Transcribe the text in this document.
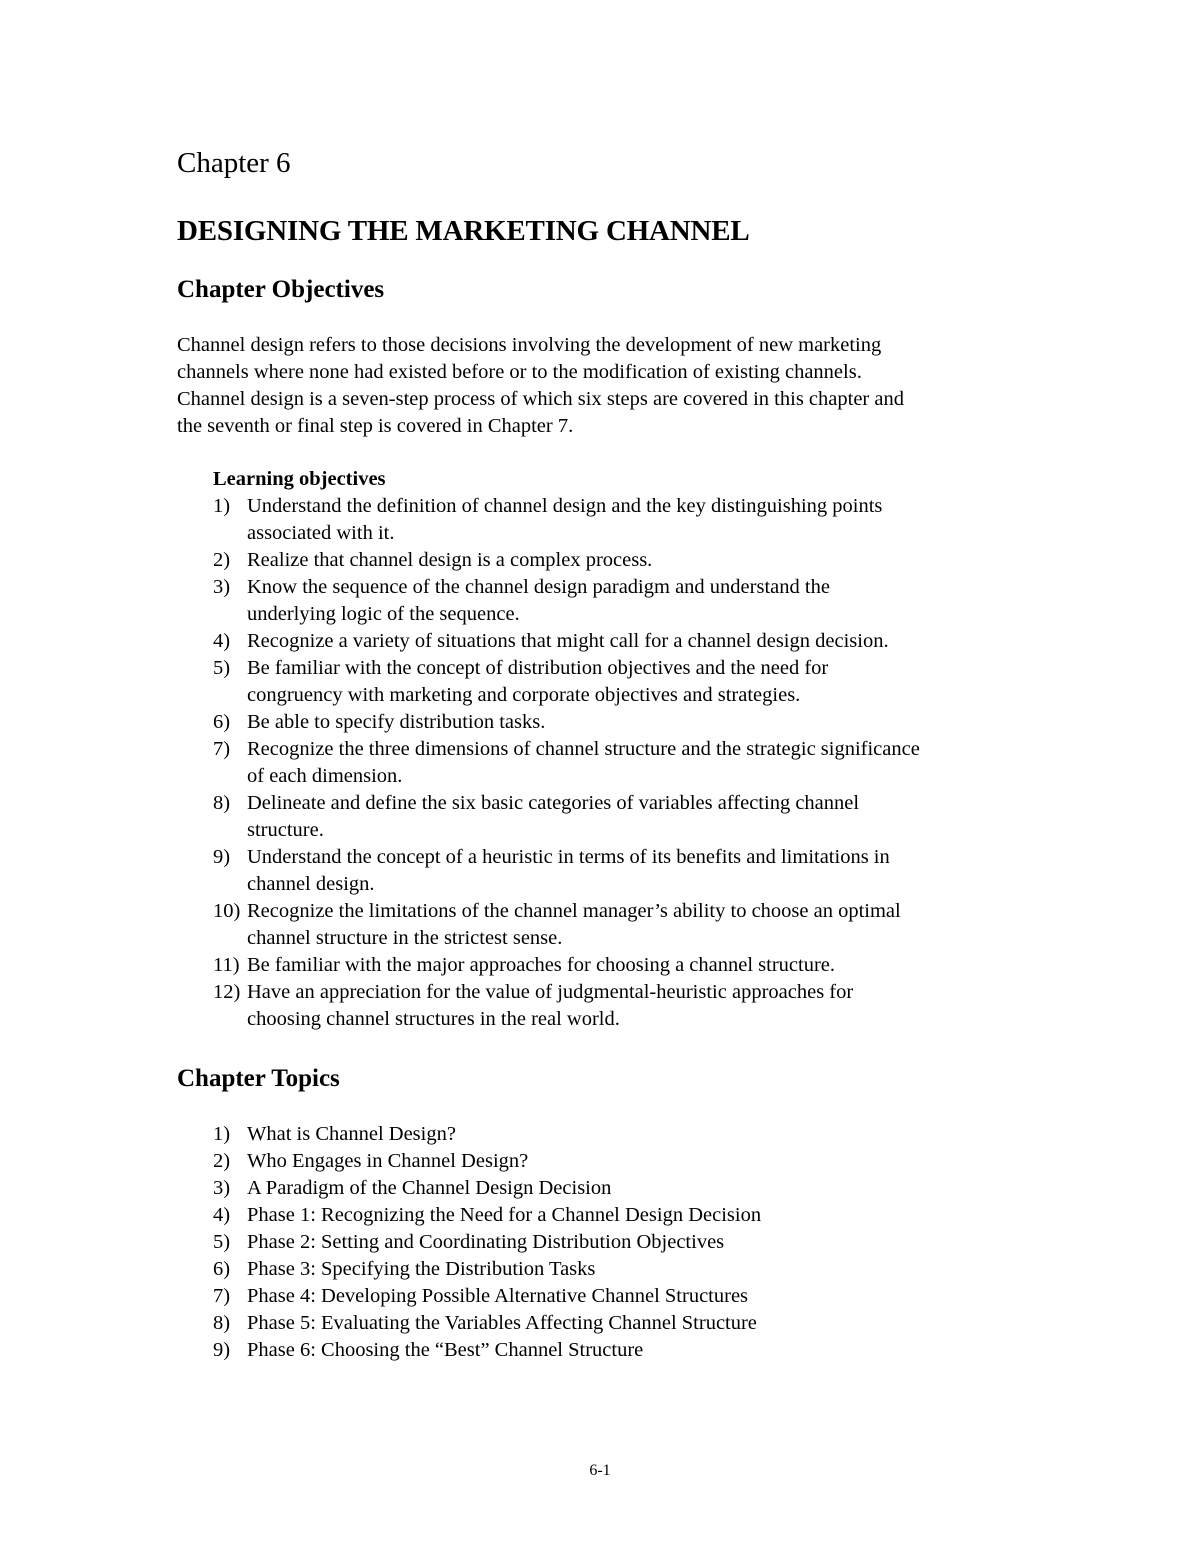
Chapter 6
DESIGNING THE MARKETING CHANNEL
Chapter Objectives
Channel design refers to those decisions involving the development of new marketing
channels where none had existed before or to the modification of existing channels.
Channel design is a seven-step process of which six steps are covered in this chapter and
the seventh or final step is covered in Chapter 7.
Learning objectives
1) Understand the definition of channel design and the key distinguishing points
associated with it.
2) Realize that channel design is a complex process.
3) Know the sequence of the channel design paradigm and understand the
underlying logic of the sequence.
4) Recognize a variety of situations that might call for a channel design decision.
5) Be familiar with the concept of distribution objectives and the need for
congruency with marketing and corporate objectives and strategies.
6) Be able to specify distribution tasks.
7) Recognize the three dimensions of channel structure and the strategic significance
of each dimension.
8) Delineate and define the six basic categories of variables affecting channel
structure.
9) Understand the concept of a heuristic in terms of its benefits and limitations in
channel design.
10) Recognize the limitations of the channel manager’s ability to choose an optimal
channel structure in the strictest sense.
11) Be familiar with the major approaches for choosing a channel structure.
12) Have an appreciation for the value of judgmental-heuristic approaches for
choosing channel structures in the real world.
Chapter Topics
1) What is Channel Design?
2) Who Engages in Channel Design?
3) A Paradigm of the Channel Design Decision
4) Phase 1: Recognizing the Need for a Channel Design Decision
5) Phase 2: Setting and Coordinating Distribution Objectives
6) Phase 3: Specifying the Distribution Tasks
7) Phase 4: Developing Possible Alternative Channel Structures
8) Phase 5: Evaluating the Variables Affecting Channel Structure
9) Phase 6: Choosing the “Best” Channel Structure
6-1
